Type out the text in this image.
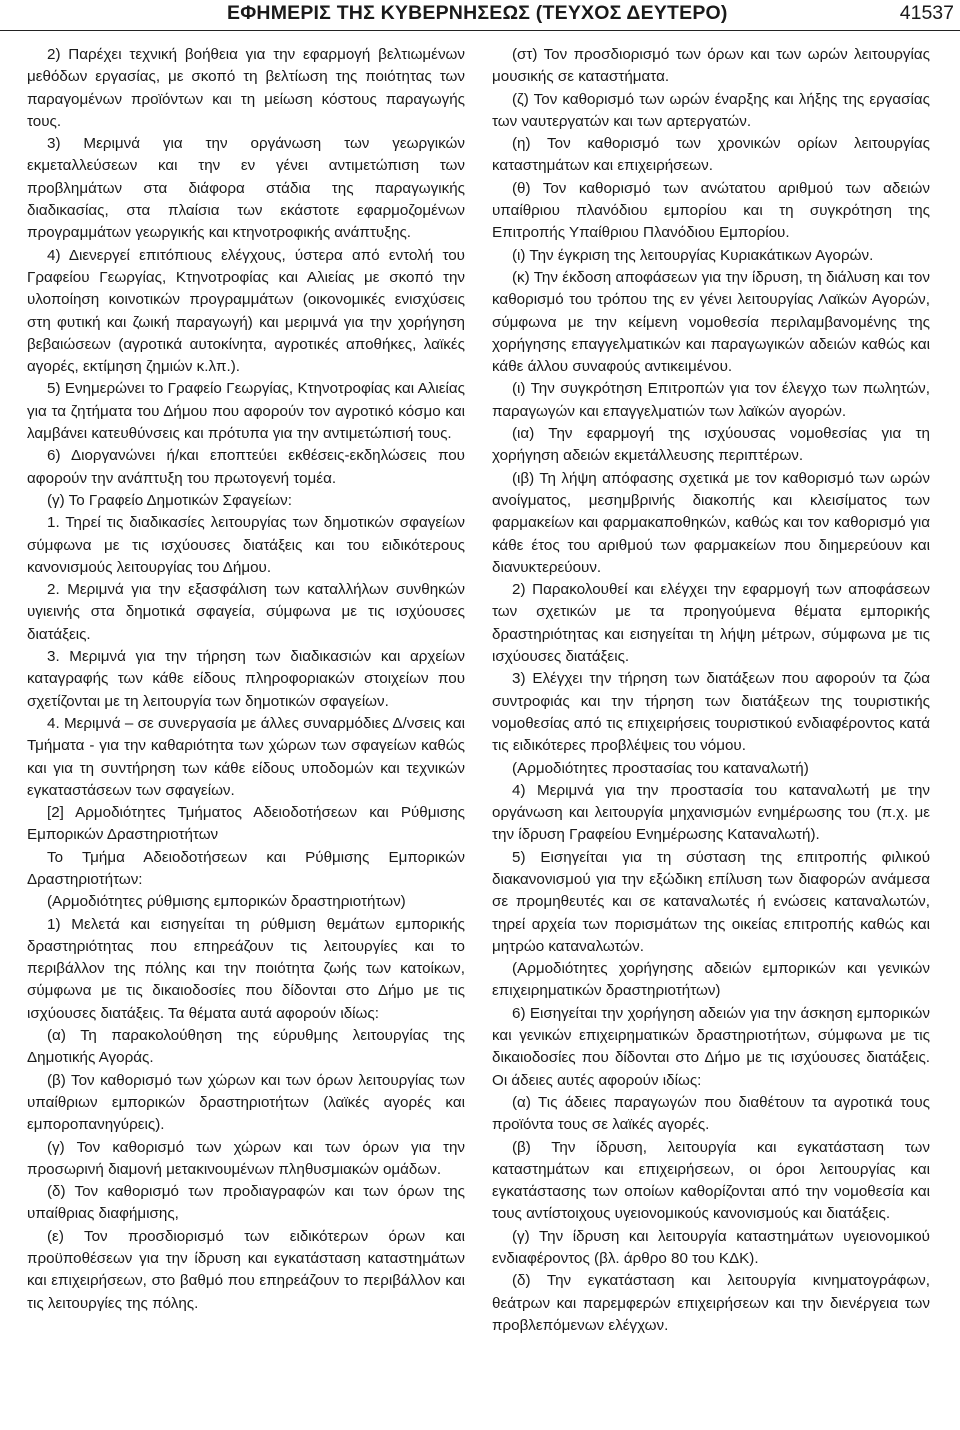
ΕΦΗΜΕΡΙΣ ΤΗΣ ΚΥΒΕΡΝΗΣΕΩΣ (ΤΕΥΧΟΣ ΔΕΥΤΕΡΟ)	41537

2) Παρέχει τεχνική βοήθεια για την εφαρμογή βελτιωμένων μεθόδων εργασίας, με σκοπό τη βελτίωση της ποιότητας των παραγομένων προϊόντων και τη μείωση κόστους παραγωγής τους.

3) Μεριμνά για την οργάνωση των γεωργικών εκμεταλλεύσεων και την εν γένει αντιμετώπιση των προβλημάτων στα διάφορα στάδια της παραγωγικής διαδικασίας, στα πλαίσια των εκάστοτε εφαρμοζομένων προγραμμάτων γεωργικής και κτηνοτροφικής ανάπτυξης.

4) Διενεργεί επιτόπιους ελέγχους, ύστερα από εντολή του Γραφείου Γεωργίας, Κτηνοτροφίας και Αλιείας με σκοπό την υλοποίηση κοινοτικών προγραμμάτων (οικονομικές ενισχύσεις στη φυτική και ζωική παραγωγή) και μεριμνά για την χορήγηση βεβαιώσεων (αγροτικά αυτοκίνητα, αγροτικές αποθήκες, λαϊκές αγορές, εκτίμηση ζημιών κ.λπ.).

5) Ενημερώνει το Γραφείο Γεωργίας, Κτηνοτροφίας και Αλιείας για τα ζητήματα του Δήμου που αφορούν τον αγροτικό κόσμο και λαμβάνει κατευθύνσεις και πρότυπα για την αντιμετώπισή τους.

6) Διοργανώνει ή/και εποπτεύει εκθέσεις-εκδηλώσεις που αφορούν την ανάπτυξη του πρωτογενή τομέα.

(γ) Το Γραφείο Δημοτικών Σφαγείων:

1. Τηρεί τις διαδικασίες λειτουργίας των δημοτικών σφαγείων σύμφωνα με τις ισχύουσες διατάξεις και του ειδικότερους κανονισμούς λειτουργίας του Δήμου.

2. Μεριμνά για την εξασφάλιση των καταλλήλων συνθηκών υγιεινής στα δημοτικά σφαγεία, σύμφωνα με τις ισχύουσες διατάξεις.

3. Μεριμνά για την τήρηση των διαδικασιών και αρχείων καταγραφής των κάθε είδους πληροφοριακών στοιχείων που σχετίζονται με τη λειτουργία των δημοτικών σφαγείων.

4. Μεριμνά – σε συνεργασία με άλλες συναρμόδιες Δ/νσεις και Τμήματα - για την καθαριότητα των χώρων των σφαγείων καθώς και για τη συντήρηση των κάθε είδους υποδομών και τεχνικών εγκαταστάσεων των σφαγείων.

[2] Αρμοδιότητες Τμήματος Αδειοδοτήσεων και Ρύθμισης Εμπορικών Δραστηριοτήτων

Το Τμήμα Αδειοδοτήσεων και Ρύθμισης Εμπορικών Δραστηριοτήτων:

(Αρμοδιότητες ρύθμισης εμπορικών δραστηριοτήτων)

1) Μελετά και εισηγείται τη ρύθμιση θεμάτων εμπορικής δραστηριότητας που επηρεάζουν τις λειτουργίες και το περιβάλλον της πόλης και την ποιότητα ζωής των κατοίκων, σύμφωνα με τις δικαιοδοσίες που δίδονται στο Δήμο με τις ισχύουσες διατάξεις. Τα θέματα αυτά αφορούν ιδίως:

(α) Τη παρακολούθηση της εύρυθμης λειτουργίας της Δημοτικής Αγοράς.

(β) Τον καθορισμό των χώρων και των όρων λειτουργίας των υπαίθριων εμπορικών δραστηριοτήτων (λαϊκές αγορές και εμποροπανηγύρεις).

(γ) Τον καθορισμό των χώρων και των όρων για την προσωρινή διαμονή μετακινουμένων πληθυσμιακών ομάδων.

(δ) Τον καθορισμό των προδιαγραφών και των όρων της υπαίθριας διαφήμισης,

(ε) Τον προσδιορισμό των ειδικότερων όρων και προϋποθέσεων για την ίδρυση και εγκατάσταση καταστημάτων και επιχειρήσεων, στο βαθμό που επηρεάζουν το περιβάλλον και τις λειτουργίες της πόλης.

(στ) Τον προσδιορισμό των όρων και των ωρών λειτουργίας μουσικής σε καταστήματα.

(ζ) Τον καθορισμό των ωρών έναρξης και λήξης της εργασίας των ναυτεργατών και των αρτεργατών.

(η) Τον καθορισμό των χρονικών ορίων λειτουργίας καταστημάτων και επιχειρήσεων.

(θ) Τον καθορισμό των ανώτατου αριθμού των αδειών υπαίθριου πλανόδιου εμπορίου και τη συγκρότηση της Επιτροπής Υπαίθριου Πλανόδιου Εμπορίου.

(ι) Την έγκριση της λειτουργίας Κυριακάτικων Αγορών.

(κ) Την έκδοση αποφάσεων για την ίδρυση, τη διάλυση και τον καθορισμό του τρόπου της εν γένει λειτουργίας Λαϊκών Αγορών, σύμφωνα με την κείμενη νομοθεσία περιλαμβανομένης της χορήγησης επαγγελματικών και παραγωγικών αδειών καθώς και κάθε άλλου συναφούς αντικειμένου.

(ι) Την συγκρότηση Επιτροπών για τον έλεγχο των πωλητών, παραγωγών και επαγγελματιών των λαϊκών αγορών.

(ια) Την εφαρμογή της ισχύουσας νομοθεσίας για τη χορήγηση αδειών εκμετάλλευσης περιπτέρων.

(ιβ) Τη λήψη απόφασης σχετικά με τον καθορισμό των ωρών ανοίγματος, μεσημβρινής διακοπής και κλεισίματος των φαρμακείων και φαρμακαποθηκών, καθώς και τον καθορισμό για κάθε έτος του αριθμού των φαρμακείων που διημερεύουν και διανυκτερεύουν.

2) Παρακολουθεί και ελέγχει την εφαρμογή των αποφάσεων των σχετικών με τα προηγούμενα θέματα εμπορικής δραστηριότητας και εισηγείται τη λήψη μέτρων, σύμφωνα με τις ισχύουσες διατάξεις.

3) Ελέγχει την τήρηση των διατάξεων που αφορούν τα ζώα συντροφιάς και την τήρηση των διατάξεων της τουριστικής νομοθεσίας από τις επιχειρήσεις τουριστικού ενδιαφέροντος κατά τις ειδικότερες προβλέψεις του νόμου.

(Αρμοδιότητες προστασίας του καταναλωτή)

4) Μεριμνά για την προστασία του καταναλωτή με την οργάνωση και λειτουργία μηχανισμών ενημέρωσης του (π.χ. με την ίδρυση Γραφείου Ενημέρωσης Καταναλωτή).

5) Εισηγείται για τη σύσταση της επιτροπής φιλικού διακανονισμού για την εξώδικη επίλυση των διαφορών ανάμεσα σε προμηθευτές και σε καταναλωτές ή ενώσεις καταναλωτών, τηρεί αρχεία των πορισμάτων της οικείας επιτροπής καθώς και μητρώο καταναλωτών.

(Αρμοδιότητες χορήγησης αδειών εμπορικών και γενικών επιχειρηματικών δραστηριοτήτων)

6) Εισηγείται την χορήγηση αδειών για την άσκηση εμπορικών και γενικών επιχειρηματικών δραστηριοτήτων, σύμφωνα με τις δικαιοδοσίες που δίδονται στο Δήμο με τις ισχύουσες διατάξεις. Οι άδειες αυτές αφορούν ιδίως:

(α) Τις άδειες παραγωγών που διαθέτουν τα αγροτικά τους προϊόντα τους σε λαϊκές αγορές.

(β) Την ίδρυση, λειτουργία και εγκατάσταση των καταστημάτων και επιχειρήσεων, οι όροι λειτουργίας και εγκατάστασης των οποίων καθορίζονται από την νομοθεσία και τους αντίστοιχους υγειονομικούς κανονισμούς και διατάξεις.

(γ) Την ίδρυση και λειτουργία καταστημάτων υγειονομικού ενδιαφέροντος (βλ. άρθρο 80 του ΚΔΚ).

(δ) Την εγκατάσταση και λειτουργία κινηματογράφων, θεάτρων και παρεμφερών επιχειρήσεων και την διενέργεια των προβλεπόμενων ελέγχων.
